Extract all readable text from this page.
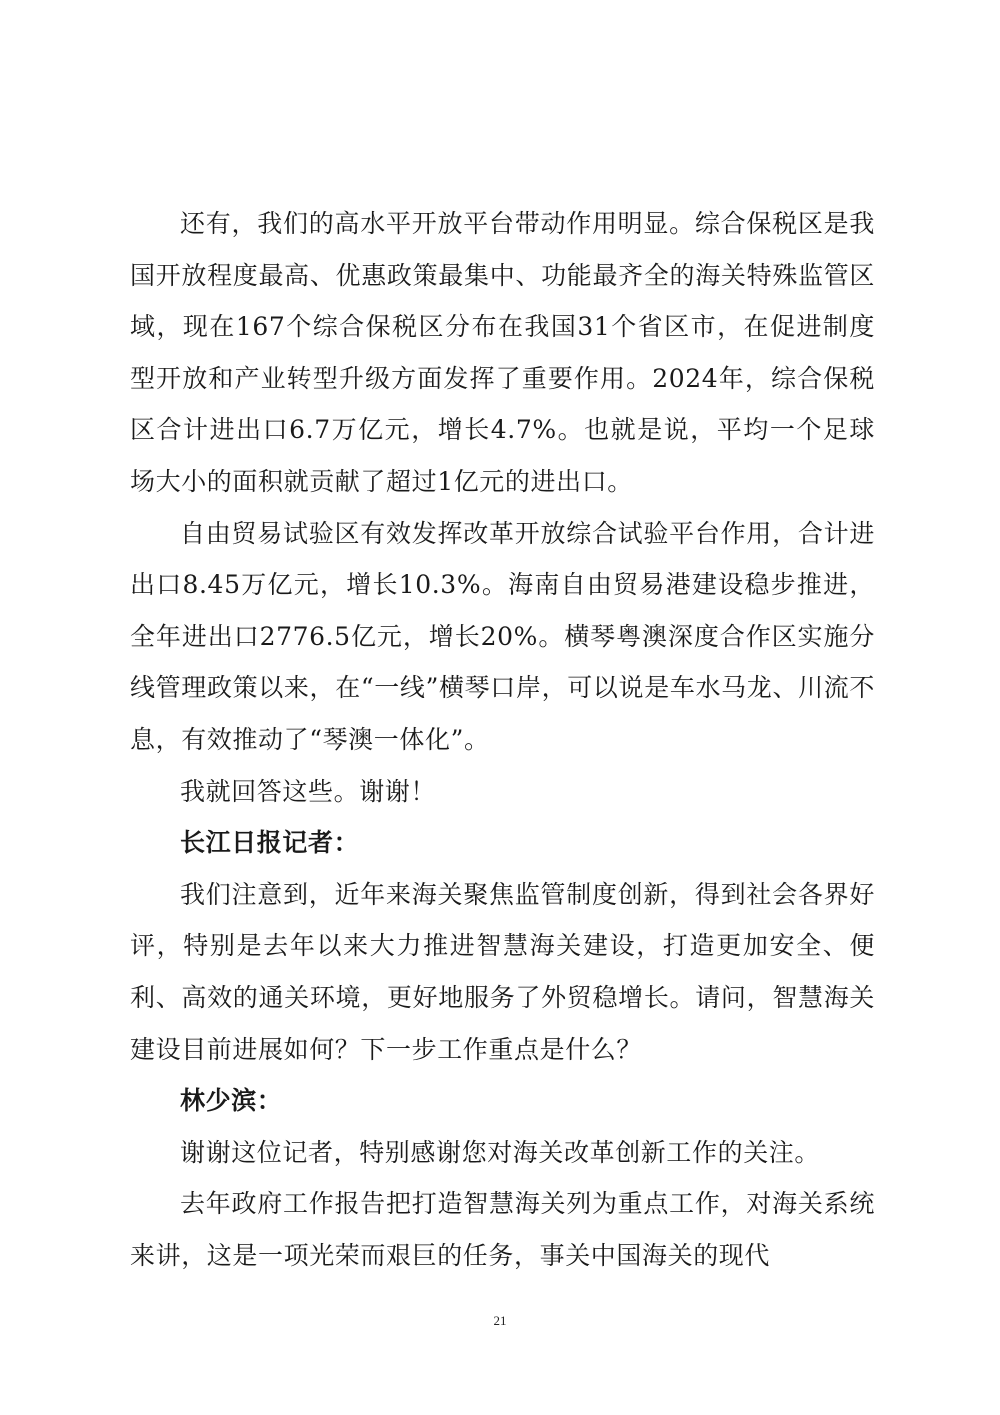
还有，我们的高水平开放平台带动作用明显。综合保税区是我国开放程度最高、优惠政策最集中、功能最齐全的海关特殊监管区域，现在167个综合保税区分布在我国31个省区市，在促进制度型开放和产业转型升级方面发挥了重要作用。2024年，综合保税区合计进出口6.7万亿元，增长4.7%。也就是说，平均一个足球场大小的面积就贡献了超过1亿元的进出口。

自由贸易试验区有效发挥改革开放综合试验平台作用，合计进出口8.45万亿元，增长10.3%。海南自由贸易港建设稳步推进，全年进出口2776.5亿元，增长20%。横琴粤澳深度合作区实施分线管理政策以来，在“一线”横琴口岸，可以说是车水马龙、川流不息，有效推动了“琴澳一体化”。

我就回答这些。谢谢！

长江日报记者：

我们注意到，近年来海关聚焦监管制度创新，得到社会各界好评，特别是去年以来大力推进智慧海关建设，打造更加安全、便利、高效的通关环境，更好地服务了外贸稳增长。请问，智慧海关建设目前进展如何？下一步工作重点是什么？

林少滨：

谢谢这位记者，特别感谢您对海关改革创新工作的关注。

去年政府工作报告把打造智慧海关列为重点工作，对海关系统来讲，这是一项光荣而艰巨的任务，事关中国海关的现代

21
